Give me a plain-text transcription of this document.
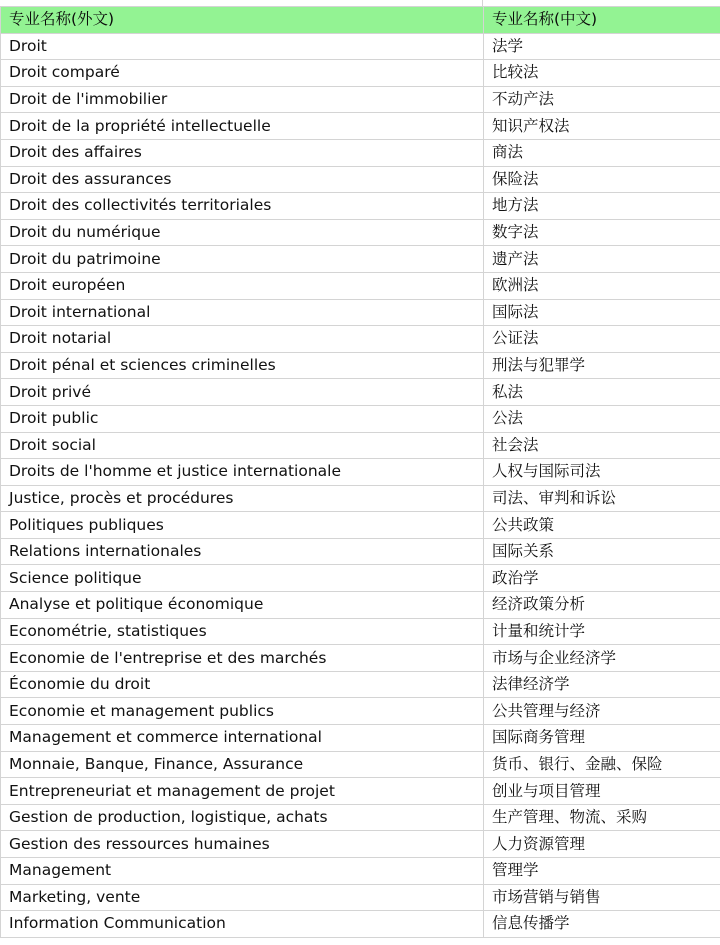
专业名称(外文)	专业名称(中文)
Droit	法学
Droit comparé	比较法
Droit de l'immobilier	不动产法
Droit de la propriété intellectuelle	知识产权法
Droit des affaires	商法
Droit des assurances	保险法
Droit des collectivités territoriales	地方法
Droit du numérique	数字法
Droit du patrimoine	遗产法
Droit européen	欧洲法
Droit international	国际法
Droit notarial	公证法
Droit pénal et sciences criminelles	刑法与犯罪学
Droit privé	私法
Droit public	公法
Droit social	社会法
Droits de l'homme et justice internationale	人权与国际司法
Justice, procès et procédures	司法、审判和诉讼
Politiques publiques	公共政策
Relations internationales	国际关系
Science politique	政治学
Analyse et politique économique	经济政策分析
Econométrie, statistiques	计量和统计学
Economie de l'entreprise et des marchés	市场与企业经济学
Économie du droit	法律经济学
Economie et management publics	公共管理与经济
Management et commerce international	国际商务管理
Monnaie, Banque, Finance, Assurance	货币、银行、金融、保险
Entrepreneuriat et management de projet	创业与项目管理
Gestion de production, logistique, achats	生产管理、物流、采购
Gestion des ressources humaines	人力资源管理
Management	管理学
Marketing, vente	市场营销与销售
Information Communication	信息传播学
